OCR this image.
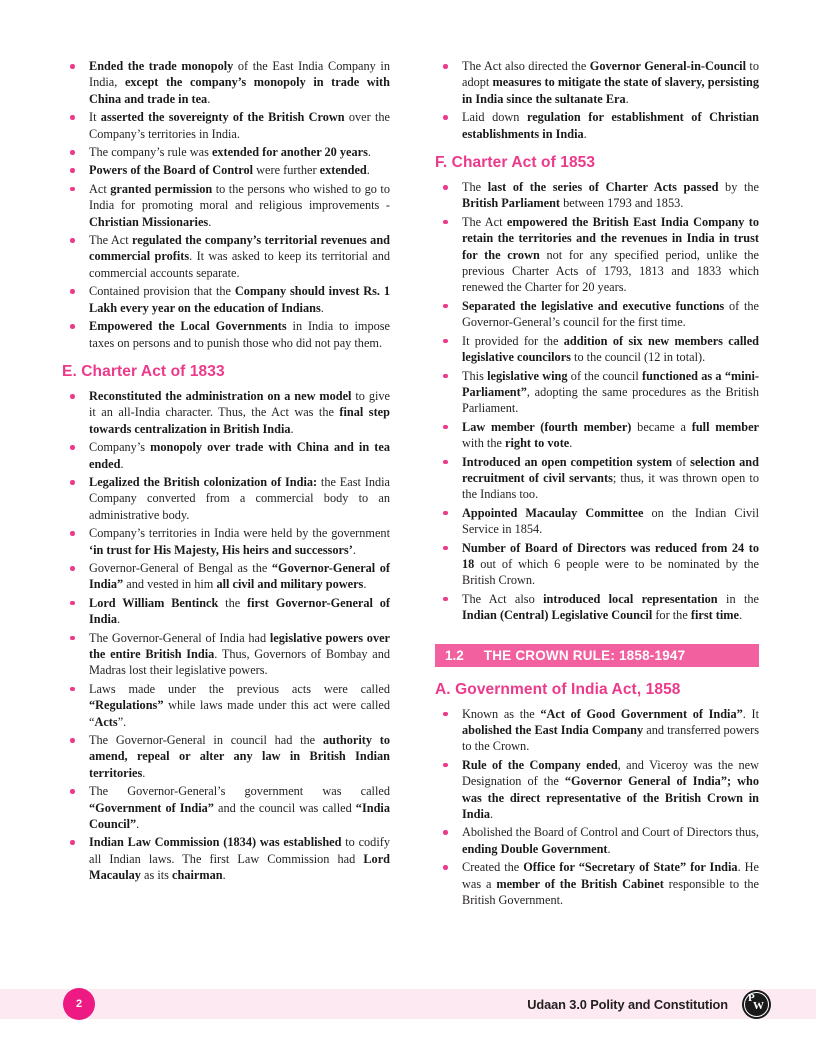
Ended the trade monopoly of the East India Company in India, except the company’s monopoly in trade with China and trade in tea.
It asserted the sovereignty of the British Crown over the Company’s territories in India.
The company’s rule was extended for another 20 years.
Powers of the Board of Control were further extended.
Act granted permission to the persons who wished to go to India for promoting moral and religious improvements - Christian Missionaries.
The Act regulated the company’s territorial revenues and commercial profits. It was asked to keep its territorial and commercial accounts separate.
Contained provision that the Company should invest Rs. 1 Lakh every year on the education of Indians.
Empowered the Local Governments in India to impose taxes on persons and to punish those who did not pay them.
E. Charter Act of 1833
Reconstituted the administration on a new model to give it an all-India character. Thus, the Act was the final step towards centralization in British India.
Company’s monopoly over trade with China and in tea ended.
Legalized the British colonization of India: the East India Company converted from a commercial body to an administrative body.
Company’s territories in India were held by the government ‘in trust for His Majesty, His heirs and successors’.
Governor-General of Bengal as the “Governor-General of India” and vested in him all civil and military powers.
Lord William Bentinck the first Governor-General of India.
The Governor-General of India had legislative powers over the entire British India. Thus, Governors of Bombay and Madras lost their legislative powers.
Laws made under the previous acts were called “Regulations” while laws made under this act were called “Acts”.
The Governor-General in council had the authority to amend, repeal or alter any law in British Indian territories.
The Governor-General’s government was called “Government of India” and the council was called “India Council”.
Indian Law Commission (1834) was established to codify all Indian laws. The first Law Commission had Lord Macaulay as its chairman.
The Act also directed the Governor General-in-Council to adopt measures to mitigate the state of slavery, persisting in India since the sultanate Era.
Laid down regulation for establishment of Christian establishments in India.
F. Charter Act of 1853
The last of the series of Charter Acts passed by the British Parliament between 1793 and 1853.
The Act empowered the British East India Company to retain the territories and the revenues in India in trust for the crown not for any specified period, unlike the previous Charter Acts of 1793, 1813 and 1833 which renewed the Charter for 20 years.
Separated the legislative and executive functions of the Governor-General’s council for the first time.
It provided for the addition of six new members called legislative councilors to the council (12 in total).
This legislative wing of the council functioned as a “mini- Parliament”, adopting the same procedures as the British Parliament.
Law member (fourth member) became a full member with the right to vote.
Introduced an open competition system of selection and recruitment of civil servants; thus, it was thrown open to the Indians too.
Appointed Macaulay Committee on the Indian Civil Service in 1854.
Number of Board of Directors was reduced from 24 to 18 out of which 6 people were to be nominated by the British Crown.
The Act also introduced local representation in the Indian (Central) Legislative Council for the first time.
1.2 THE CROWN RULE: 1858-1947
A. Government of India Act, 1858
Known as the “Act of Good Government of India”. It abolished the East India Company and transferred powers to the Crown.
Rule of the Company ended, and Viceroy was the new Designation of the “Governor General of India”; who was the direct representative of the British Crown in India.
Abolished the Board of Control and Court of Directors thus, ending Double Government.
Created the Office for “Secretary of State” for India. He was a member of the British Cabinet responsible to the British Government.
2	Udaan 3.0 Polity and Constitution P
W
